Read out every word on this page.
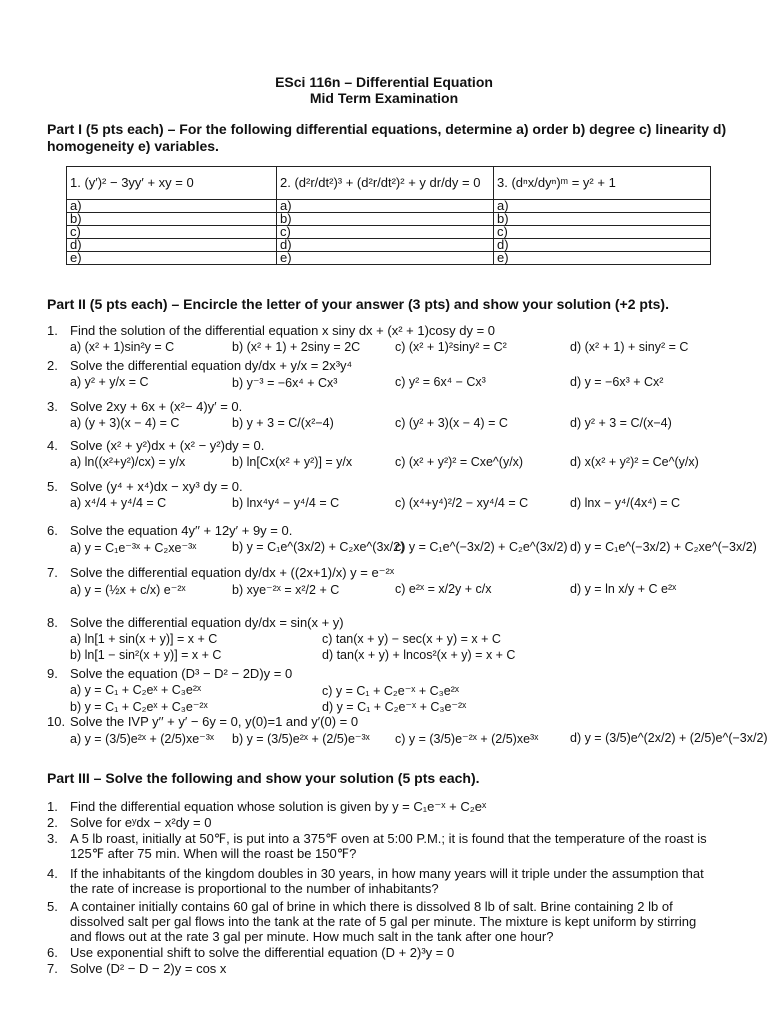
ESci 116n – Differential Equation
Mid Term Examination
Part I (5 pts each) – For the following differential equations, determine a) order b) degree c) linearity d) homogeneity e) variables.
1. (y′)² − 3yy′ + xy = 0	2. (d²r/dt²)³ + (d²r/dt²)² + y dr/dy = 0	3. (dⁿx/dyⁿ)ᵐ = y² + 1
a)	a)	a)
b)	b)	b)
c)	c)	c)
d)	d)	d)
e)	e)	e)
Part II (5 pts each) – Encircle the letter of your answer (3 pts) and show your solution (+2 pts).
1. Find the solution of the differential equation x siny dx + (x² + 1)cosy dy = 0
a) (x² + 1)sin²y = C	b) (x² + 1) + 2siny = 2C	c) (x² + 1)²siny² = C²	d) (x² + 1) + siny² = C
2. Solve the differential equation dy/dx + y/x = 2x³y⁴
a) y² + y/x = C	b) y⁻³ = −6x⁴ + Cx³	c) y² = 6x⁴ − Cx³	d) y = −6x³ + Cx²
3. Solve 2xy + 6x + (x²− 4)y′ = 0.
a) (y + 3)(x − 4) = C	b) y + 3 = C/(x²−4)	c) (y² + 3)(x − 4) = C	d) y² + 3 = C/(x−4)
4. Solve (x² + y²)dx + (x² − y²)dy = 0.
a) ln((x²+y²)/cx) = y/x	b) ln[Cx(x² + y²)] = y/x	c) (x² + y²)² = Cxe^(y/x)	d) x(x² + y²)² = Ce^(y/x)
5. Solve (y⁴ + x⁴)dx − xy³ dy = 0.
a) x⁴/4 + y⁴/4 = C	b) lnx⁴y⁴ − y⁴/4 = C	c) (x⁴+y⁴)²/2 − xy⁴/4 = C	d) lnx − y⁴/(4x⁴) = C
6. Solve the equation 4y′′ + 12y′ + 9y = 0.
a) y = C₁e⁻³ˣ + C₂xe⁻³ˣ	b) y = C₁e^(3x/2) + C₂xe^(3x/2)
c) y = C₁e^(−3x/2) + C₂e^(3x/2) d) y = C₁e^(−3x/2) + C₂xe^(−3x/2)
7. Solve the differential equation dy/dx + ((2x+1)/x) y = e⁻²ˣ
a) y = (½x + c/x) e⁻²ˣ	b) xye⁻²ˣ = x²/2 + C	c) e²ˣ = x/2y + c/x	d) y = ln x/y + C e²ˣ
8. Solve the differential equation dy/dx = sin(x + y)
a) ln[1 + sin(x + y)] = x + C	c) tan(x + y) − sec(x + y) = x + C
b) ln[1 − sin²(x + y)] = x + C	d) tan(x + y) + lncos²(x + y) = x + C
9. Solve the equation (D³ − D² − 2D)y = 0
a) y = C₁ + C₂eˣ + C₃e²ˣ	c) y = C₁ + C₂e⁻ˣ + C₃e²ˣ
b) y = C₁ + C₂eˣ + C₃e⁻²ˣ	d) y = C₁ + C₂e⁻ˣ + C₃e⁻²ˣ
10. Solve the IVP y′′ + y′ − 6y = 0, y(0)=1 and y′(0) = 0
a) y = (3/5)e²ˣ + (2/5)xe⁻³ˣ b) y = (3/5)e²ˣ + (2/5)e⁻³ˣ c) y = (3/5)e⁻²ˣ + (2/5)xe³ˣ	d) y = (3/5)e^(2x/2) + (2/5)e^(−3x/2)
Part III – Solve the following and show your solution (5 pts each).
1. Find the differential equation whose solution is given by y = C₁e⁻ˣ + C₂eˣ
2. Solve for eʸdx − x²dy = 0
3. A 5 lb roast, initially at 50℉, is put into a 375℉ oven at 5:00 P.M.; it is found that the temperature of the roast is 125℉ after 75 min. When will the roast be 150℉?
4. If the inhabitants of the kingdom doubles in 30 years, in how many years will it triple under the assumption that the rate of increase is proportional to the number of inhabitants?
5. A container initially contains 60 gal of brine in which there is dissolved 8 lb of salt. Brine containing 2 lb of dissolved salt per gal flows into the tank at the rate of 5 gal per minute. The mixture is kept uniform by stirring and flows out at the rate 3 gal per minute. How much salt in the tank after one hour?
6. Use exponential shift to solve the differential equation (D + 2)³y = 0
7. Solve (D² − D − 2)y = cos x
